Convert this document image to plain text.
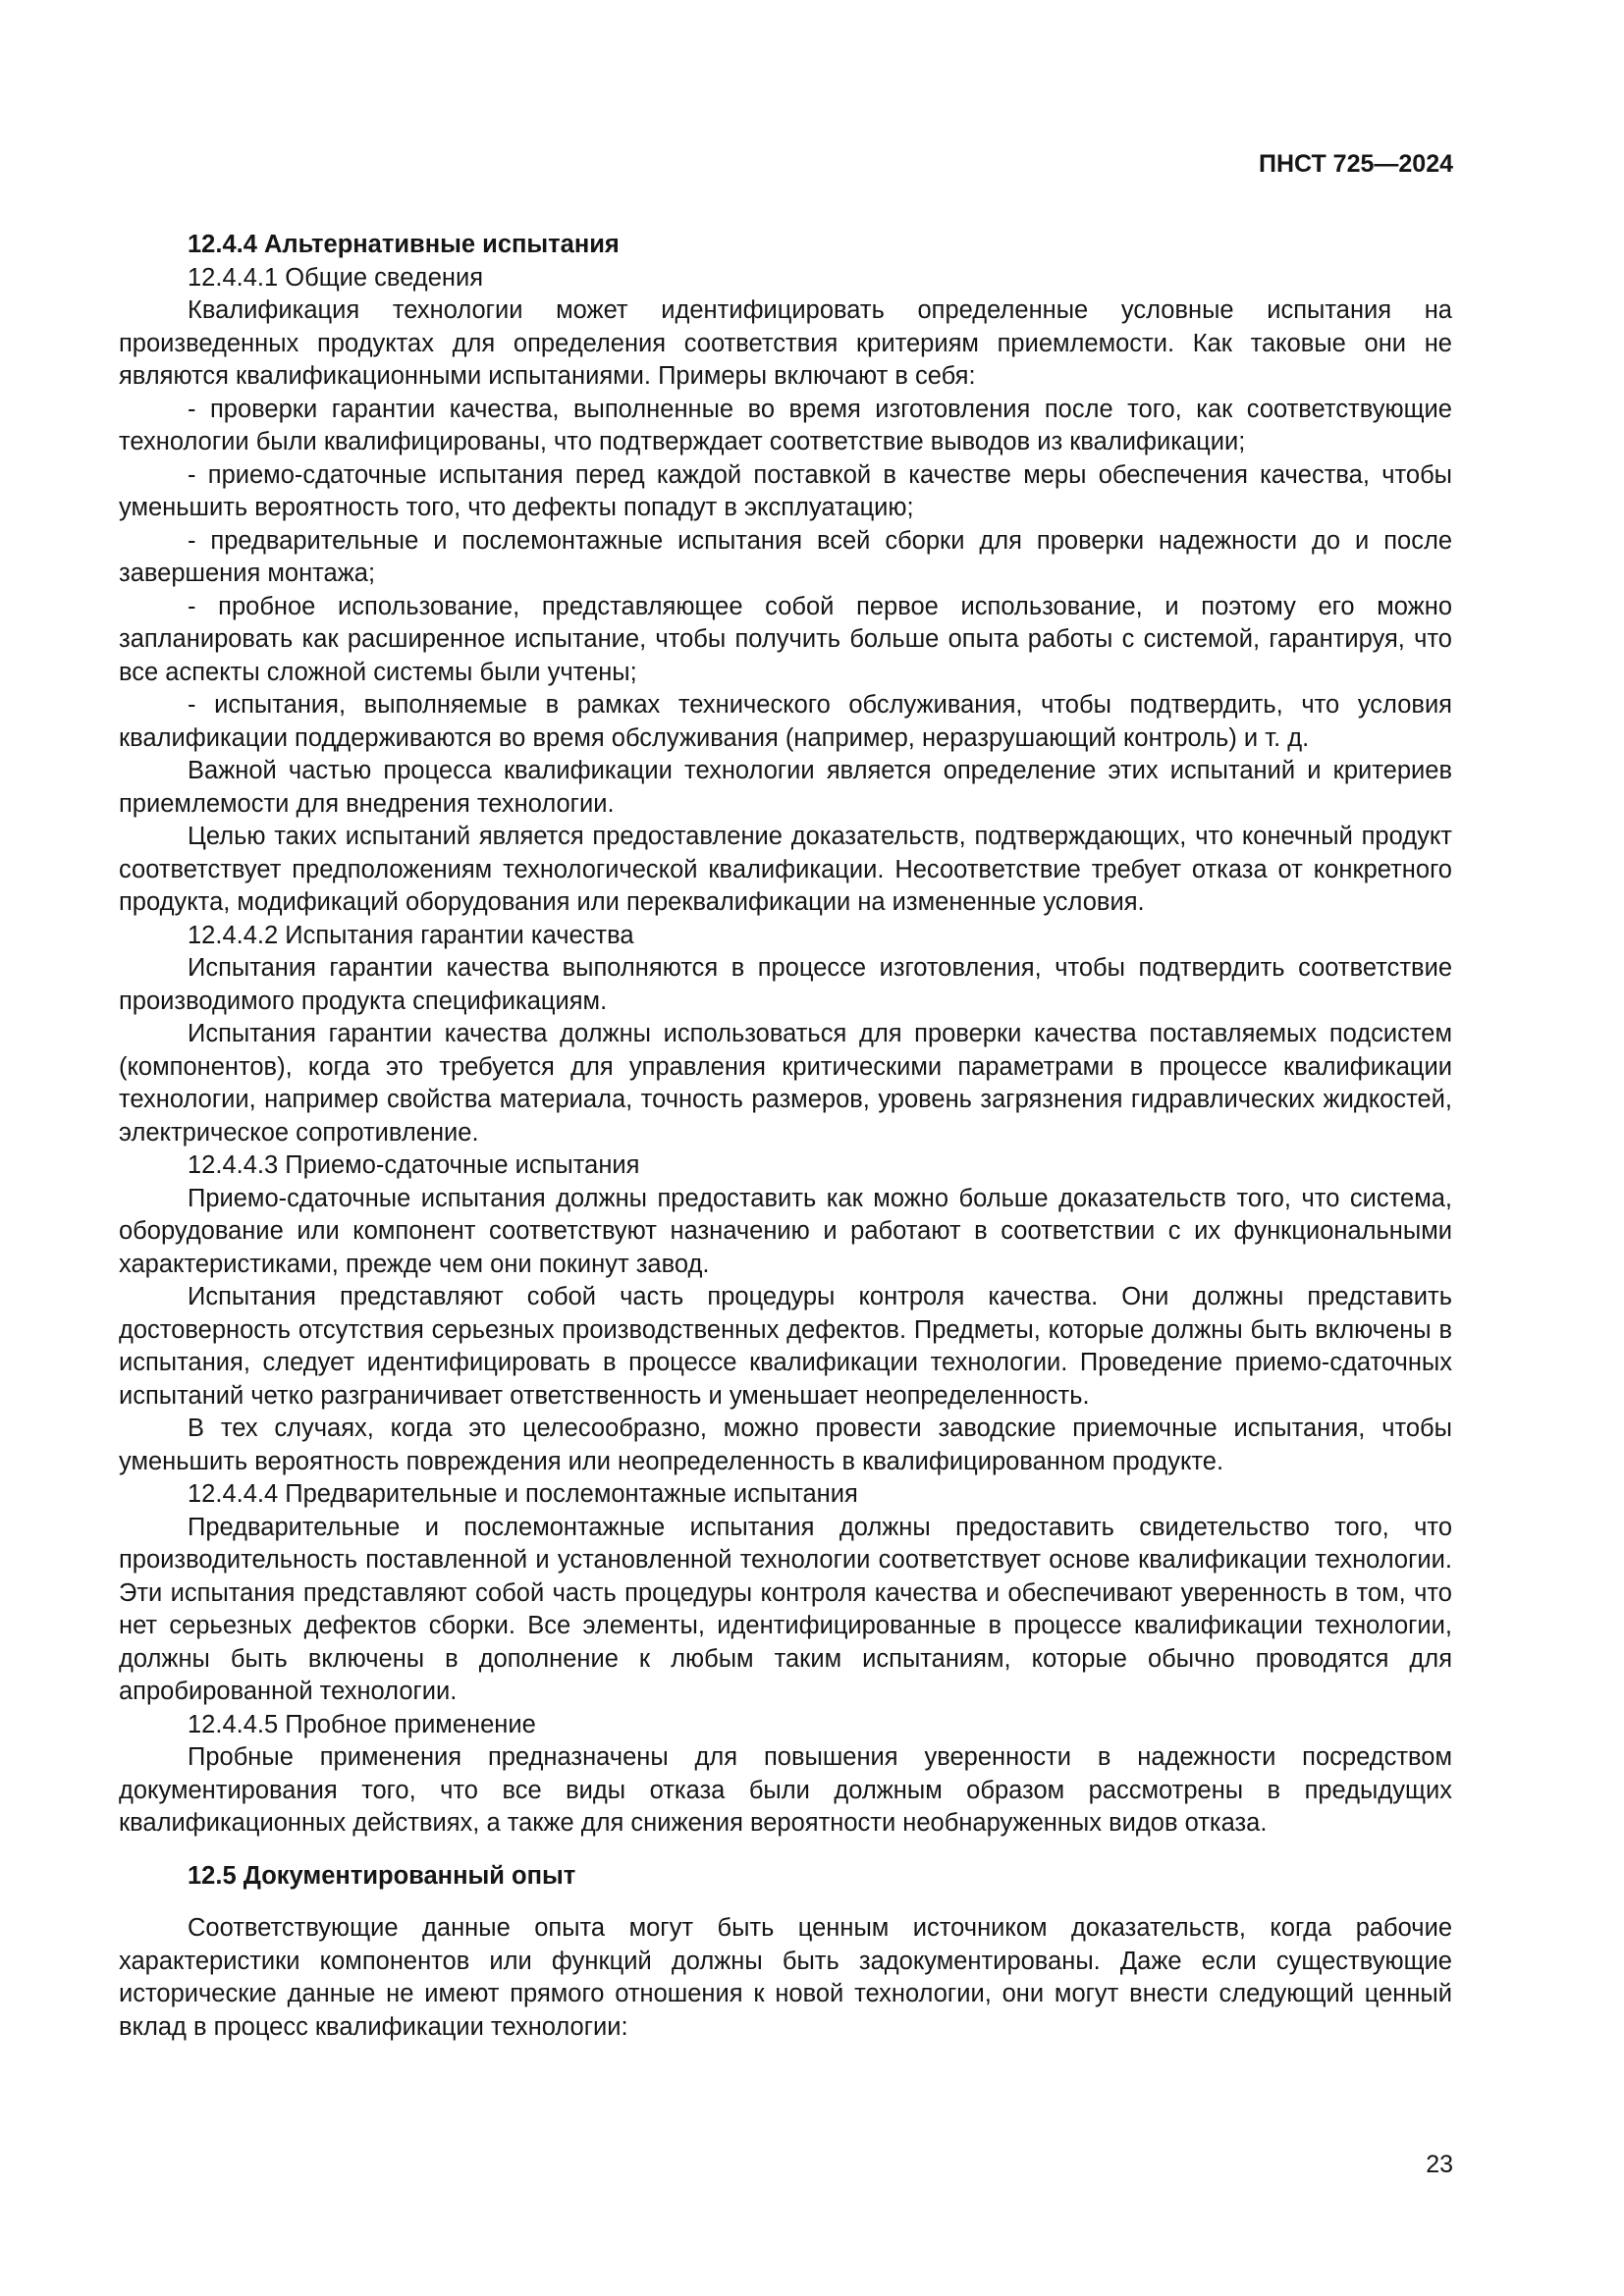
ПНСТ 725—2024

12.4.4 Альтернативные испытания

12.4.4.1 Общие сведения

Квалификация технологии может идентифицировать определенные условные испытания на произведенных продуктах для определения соответствия критериям приемлемости. Как таковые они не являются квалификационными испытаниями. Примеры включают в себя:

- проверки гарантии качества, выполненные во время изготовления после того, как соответствующие технологии были квалифицированы, что подтверждает соответствие выводов из квалификации;

- приемо-сдаточные испытания перед каждой поставкой в качестве меры обеспечения качества, чтобы уменьшить вероятность того, что дефекты попадут в эксплуатацию;

- предварительные и послемонтажные испытания всей сборки для проверки надежности до и после завершения монтажа;

- пробное использование, представляющее собой первое использование, и поэтому его можно запланировать как расширенное испытание, чтобы получить больше опыта работы с системой, гарантируя, что все аспекты сложной системы были учтены;

- испытания, выполняемые в рамках технического обслуживания, чтобы подтвердить, что условия квалификации поддерживаются во время обслуживания (например, неразрушающий контроль) и т. д.

Важной частью процесса квалификации технологии является определение этих испытаний и критериев приемлемости для внедрения технологии.

Целью таких испытаний является предоставление доказательств, подтверждающих, что конечный продукт соответствует предположениям технологической квалификации. Несоответствие требует отказа от конкретного продукта, модификаций оборудования или переквалификации на измененные условия.

12.4.4.2 Испытания гарантии качества

Испытания гарантии качества выполняются в процессе изготовления, чтобы подтвердить соответствие производимого продукта спецификациям.

Испытания гарантии качества должны использоваться для проверки качества поставляемых подсистем (компонентов), когда это требуется для управления критическими параметрами в процессе квалификации технологии, например свойства материала, точность размеров, уровень загрязнения гидравлических жидкостей, электрическое сопротивление.

12.4.4.3 Приемо-сдаточные испытания

Приемо-сдаточные испытания должны предоставить как можно больше доказательств того, что система, оборудование или компонент соответствуют назначению и работают в соответствии с их функциональными характеристиками, прежде чем они покинут завод.

Испытания представляют собой часть процедуры контроля качества. Они должны представить достоверность отсутствия серьезных производственных дефектов. Предметы, которые должны быть включены в испытания, следует идентифицировать в процессе квалификации технологии. Проведение приемо-сдаточных испытаний четко разграничивает ответственность и уменьшает неопределенность.

В тех случаях, когда это целесообразно, можно провести заводские приемочные испытания, чтобы уменьшить вероятность повреждения или неопределенность в квалифицированном продукте.

12.4.4.4 Предварительные и послемонтажные испытания

Предварительные и послемонтажные испытания должны предоставить свидетельство того, что производительность поставленной и установленной технологии соответствует основе квалификации технологии. Эти испытания представляют собой часть процедуры контроля качества и обеспечивают уверенность в том, что нет серьезных дефектов сборки. Все элементы, идентифицированные в процессе квалификации технологии, должны быть включены в дополнение к любым таким испытаниям, которые обычно проводятся для апробированной технологии.

12.4.4.5 Пробное применение

Пробные применения предназначены для повышения уверенности в надежности посредством документирования того, что все виды отказа были должным образом рассмотрены в предыдущих квалификационных действиях, а также для снижения вероятности необнаруженных видов отказа.

12.5 Документированный опыт

Соответствующие данные опыта могут быть ценным источником доказательств, когда рабочие характеристики компонентов или функций должны быть задокументированы. Даже если существующие исторические данные не имеют прямого отношения к новой технологии, они могут внести следующий ценный вклад в процесс квалификации технологии:

23
